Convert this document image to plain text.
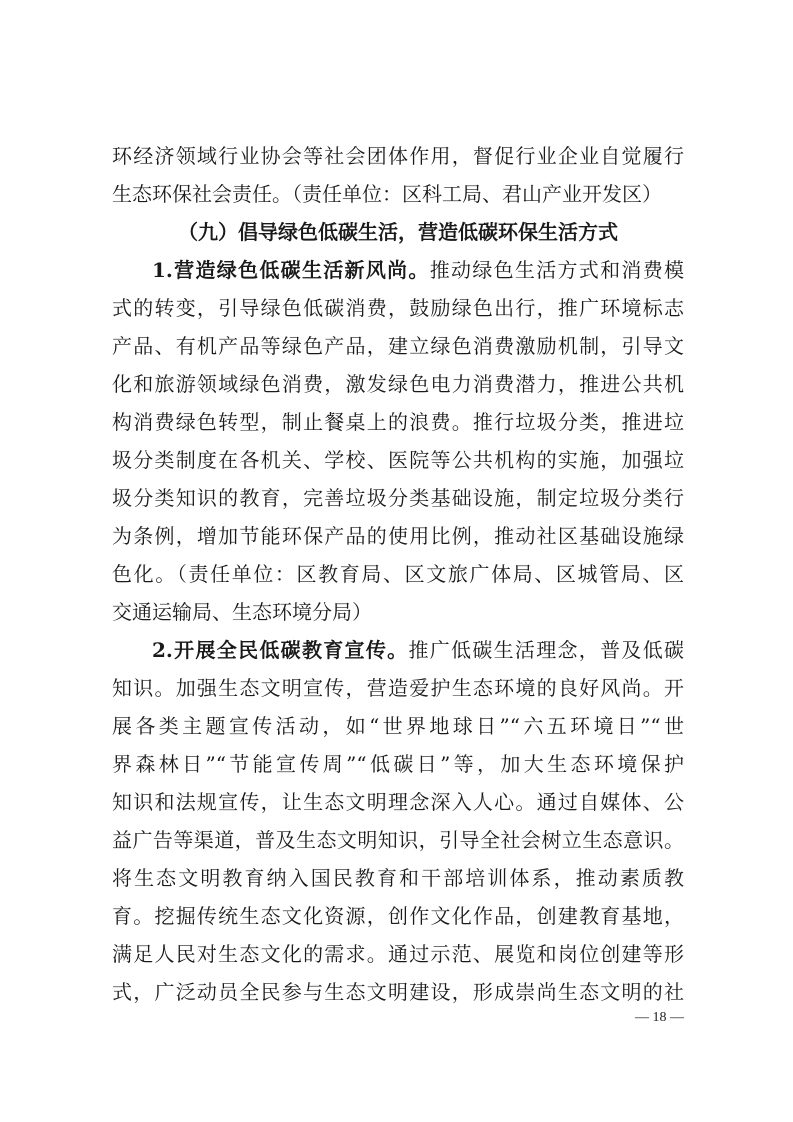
环经济领域行业协会等社会团体作用，督促行业企业自觉履行
生态环保社会责任。（责任单位：区科工局、君山产业开发区）
（九）倡导绿色低碳生活，营造低碳环保生活方式
1.营造绿色低碳生活新风尚。推动绿色生活方式和消费模
式的转变，引导绿色低碳消费，鼓励绿色出行，推广环境标志
产品、有机产品等绿色产品，建立绿色消费激励机制，引导文
化和旅游领域绿色消费，激发绿色电力消费潜力，推进公共机
构消费绿色转型，制止餐桌上的浪费。推行垃圾分类，推进垃
圾分类制度在各机关、学校、医院等公共机构的实施，加强垃
圾分类知识的教育，完善垃圾分类基础设施，制定垃圾分类行
为条例，增加节能环保产品的使用比例，推动社区基础设施绿
色化。（责任单位：区教育局、区文旅广体局、区城管局、区
交通运输局、生态环境分局）
2.开展全民低碳教育宣传。推广低碳生活理念，普及低碳
知识。加强生态文明宣传，营造爱护生态环境的良好风尚。开
展各类主题宣传活动，如“世界地球日”“六五环境日”“世
界森林日”“节能宣传周”“低碳日”等，加大生态环境保护
知识和法规宣传，让生态文明理念深入人心。通过自媒体、公
益广告等渠道，普及生态文明知识，引导全社会树立生态意识。
将生态文明教育纳入国民教育和干部培训体系，推动素质教
育。挖掘传统生态文化资源，创作文化作品，创建教育基地，
满足人民对生态文化的需求。通过示范、展览和岗位创建等形
式，广泛动员全民参与生态文明建设，形成崇尚生态文明的社
— 18 —
